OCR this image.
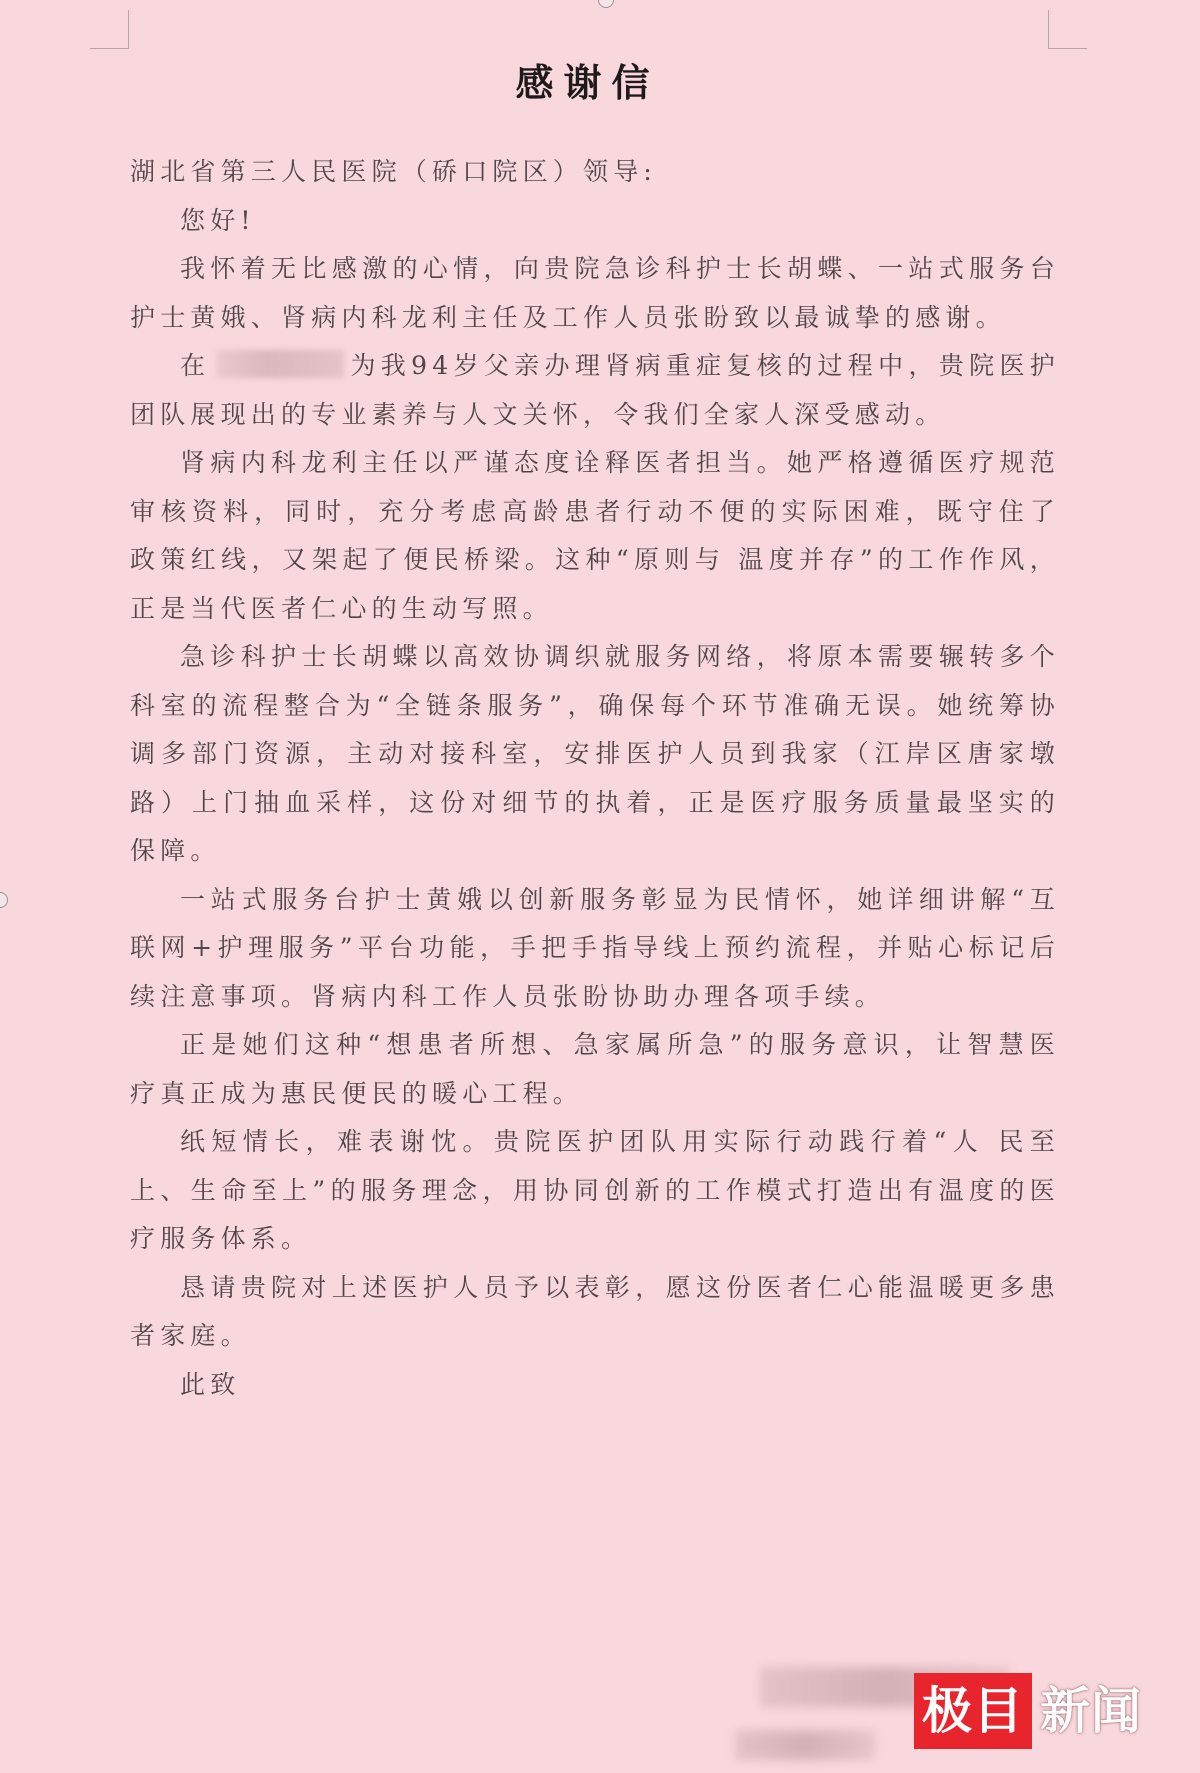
感谢信

湖北省第三人民医院（硚口院区）领导:

您好!

我怀着无比感激的心情，向贵院急诊科护士长胡蝶、一站式服务台护士黄娥、肾病内科龙利主任及工作人员张盼致以最诚挚的感谢。

在	为我94岁父亲办理肾病重症复核的过程中，贵院医护团队展现出的专业素养与人文关怀，令我们全家人深受感动。

肾病内科龙利主任以严谨态度诠释医者担当。她严格遵循医疗规范审核资料，同时，充分考虑高龄患者行动不便的实际困难，既守住了政策红线，又架起了便民桥梁。这种“原则与 温度并存”的工作作风，正是当代医者仁心的生动写照。

急诊科护士长胡蝶以高效协调织就服务网络，将原本需要辗转多个科室的流程整合为“全链条服务”，确保每个环节准确无误。她统筹协调多部门资源，主动对接科室，安排医护人员到我家（江岸区唐家墩路）上门抽血采样，这份对细节的执着，正是医疗服务质量最坚实的保障。

一站式服务台护士黄娥以创新服务彰显为民情怀，她详细讲解“互联网+护理服务”平台功能，手把手指导线上预约流程，并贴心标记后续注意事项。肾病内科工作人员张盼协助办理各项手续。

正是她们这种“想患者所想、急家属所急”的服务意识，让智慧医疗真正成为惠民便民的暖心工程。

纸短情长，难表谢忱。贵院医护团队用实际行动践行着“人 民至上、生命至上”的服务理念，用协同创新的工作模式打造出有温度的医疗服务体系。

恳请贵院对上述医护人员予以表彰，愿这份医者仁心能温暖更多患者家庭。

此致

极目 新闻
